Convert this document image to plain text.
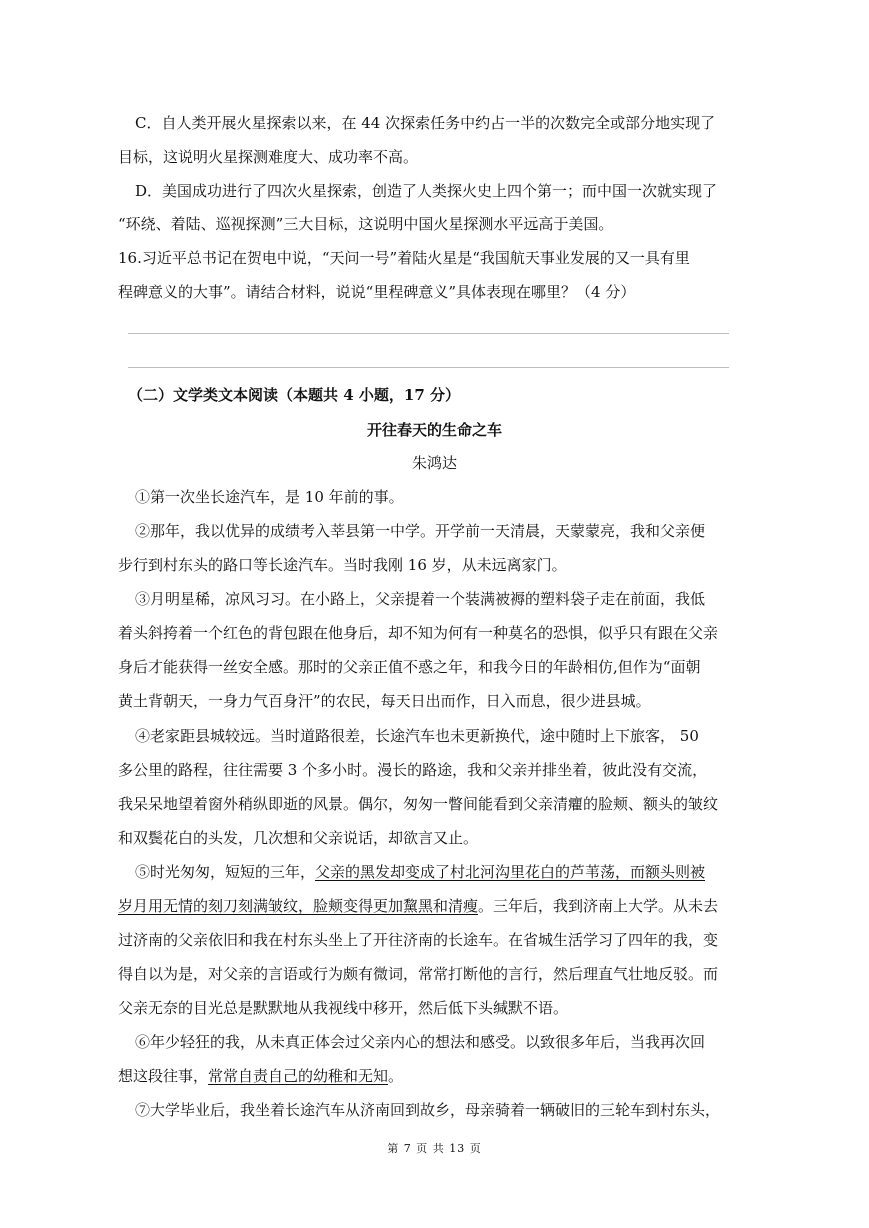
C．自人类开展火星探索以来，在 44 次探索任务中约占一半的次数完全或部分地实现了
目标，这说明火星探测难度大、成功率不高。
D．美国成功进行了四次火星探索，创造了人类探火史上四个第一；而中国一次就实现了
“环绕、着陆、巡视探测”三大目标，这说明中国火星探测水平远高于美国。
16.习近平总书记在贺电中说，“天问一号”着陆火星是“我国航天事业发展的又一具有里
程碑意义的大事”。请结合材料，说说“里程碑意义”具体表现在哪里？（4 分）
（二）文学类文本阅读（本题共 4 小题，17 分）
开往春天的生命之车
朱鸿达
①第一次坐长途汽车，是 10 年前的事。
②那年，我以优异的成绩考入莘县第一中学。开学前一天清晨，天蒙蒙亮，我和父亲便
步行到村东头的路口等长途汽车。当时我刚 16 岁，从未远离家门。
③月明星稀，凉风习习。在小路上，父亲提着一个装满被褥的塑料袋子走在前面，我低
着头斜挎着一个红色的背包跟在他身后，却不知为何有一种莫名的恐惧，似乎只有跟在父亲
身后才能获得一丝安全感。那时的父亲正值不惑之年，和我今日的年龄相仿,但作为“面朝
黄土背朝天，一身力气百身汗”的农民，每天日出而作，日入而息，很少进县城。
④老家距县城较远。当时道路很差，长途汽车也未更新换代，途中随时上下旅客， 50
多公里的路程，往往需要 3 个多小时。漫长的路途，我和父亲并排坐着，彼此没有交流，
我呆呆地望着窗外稍纵即逝的风景。偶尔，匆匆一瞥间能看到父亲清癯的脸颊、额头的皱纹
和双鬓花白的头发，几次想和父亲说话，却欲言又止。
⑤时光匆匆，短短的三年，父亲的黑发却变成了村北河沟里花白的芦苇荡，而额头则被
岁月用无情的刻刀刻满皱纹，脸颊变得更加黧黑和清瘦。三年后，我到济南上大学。从未去
过济南的父亲依旧和我在村东头坐上了开往济南的长途车。在省城生活学习了四年的我，变
得自以为是，对父亲的言语或行为颇有微词，常常打断他的言行，然后理直气壮地反驳。而
父亲无奈的目光总是默默地从我视线中移开，然后低下头缄默不语。
⑥年少轻狂的我，从未真正体会过父亲内心的想法和感受。以致很多年后，当我再次回
想这段往事，常常自责自己的幼稚和无知。
⑦大学毕业后，我坐着长途汽车从济南回到故乡，母亲骑着一辆破旧的三轮车到村东头，
第 7 页 共 13 页
